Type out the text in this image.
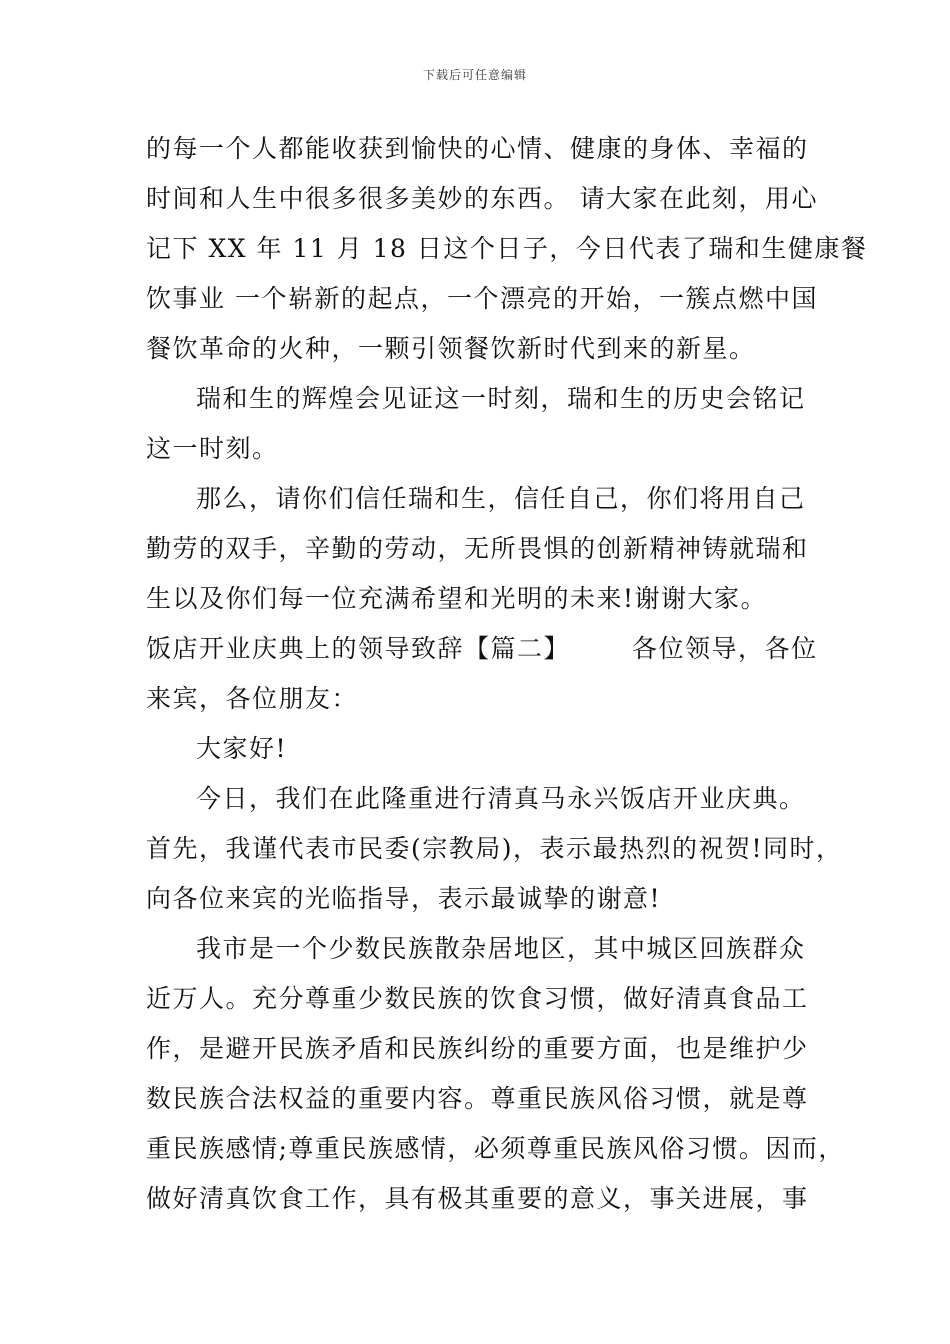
下载后可任意编辑
的每一个人都能收获到愉快的心情、健康的身体、幸福的
时间和人生中很多很多美妙的东西。 请大家在此刻，用心
记下 XX 年 11 月 18 日这个日子，今日代表了瑞和生健康餐
饮事业 一个崭新的起点，一个漂亮的开始，一簇点燃中国
餐饮革命的火种，一颗引领餐饮新时代到来的新星。
瑞和生的辉煌会见证这一时刻，瑞和生的历史会铭记
这一时刻。
那么，请你们信任瑞和生，信任自己，你们将用自己
勤劳的双手，辛勤的劳动，无所畏惧的创新精神铸就瑞和
生以及你们每一位充满希望和光明的未来!谢谢大家。
饭店开业庆典上的领导致辞【篇二】 各位领导，各位
来宾，各位朋友：
大家好!
今日，我们在此隆重进行清真马永兴饭店开业庆典。
首先，我谨代表市民委(宗教局)，表示最热烈的祝贺!同时，
向各位来宾的光临指导，表示最诚挚的谢意!
我市是一个少数民族散杂居地区，其中城区回族群众
近万人。充分尊重少数民族的饮食习惯，做好清真食品工
作，是避开民族矛盾和民族纠纷的重要方面，也是维护少
数民族合法权益的重要内容。尊重民族风俗习惯，就是尊
重民族感情;尊重民族感情，必须尊重民族风俗习惯。因而，
做好清真饮食工作，具有极其重要的意义，事关进展，事
